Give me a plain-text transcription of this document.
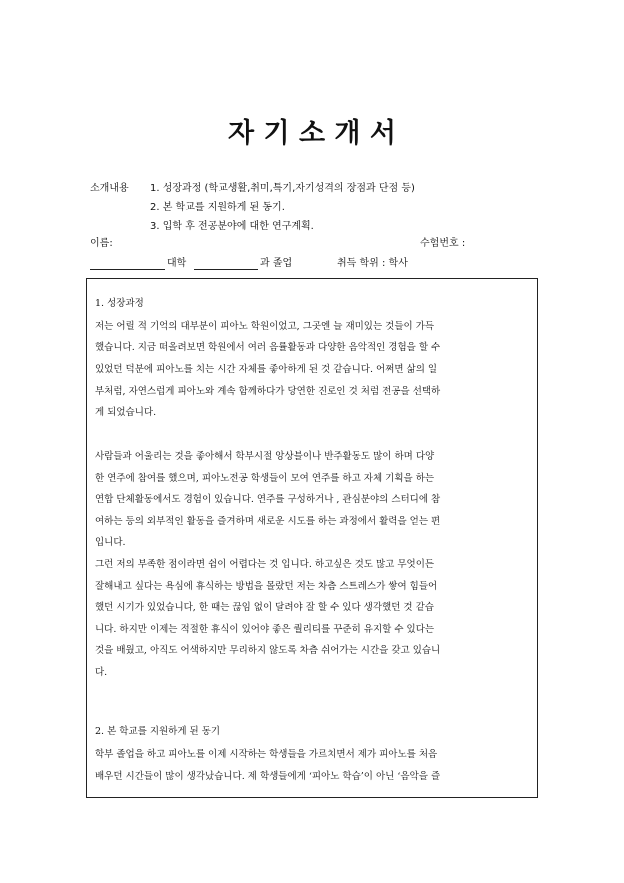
자 기 소 개 서
소개내용 1. 성장과정 (학교생활,취미,특기,자기성격의 장점과 단점 등)
2. 본 학교를 지원하게 된 동기.
3. 입학 후 전공분야에 대한 연구계획.
이름:	수험번호 :
대학	과 졸업	취득 학위 : 학사
1. 성장과정
저는 어릴 적 기억의 대부분이 피아노 학원이었고, 그곳엔 늘 재미있는 것들이 가득
했습니다. 지금 떠올려보면 학원에서 여러 음률활동과 다양한 음악적인 경험을 할 수
있었던 덕분에 피아노를 치는 시간 자체를 좋아하게 된 것 같습니다. 어쩌면 삶의 일
부처럼, 자연스럽게 피아노와 계속 함께하다가 당연한 진로인 것 처럼 전공을 선택하
게 되었습니다.
사람들과 어울리는 것을 좋아해서 학부시절 앙상블이나 반주활동도 많이 하며 다양
한 연주에 참여를 했으며, 피아노전공 학생들이 모여 연주를 하고 자체 기획을 하는
연합 단체활동에서도 경험이 있습니다. 연주를 구성하거나 , 관심분야의 스터디에 참
여하는 등의 외부적인 활동을 즐겨하며 새로운 시도를 하는 과정에서 활력을 얻는 편
입니다.
그런 저의 부족한 점이라면 쉼이 어렵다는 것 입니다. 하고싶은 것도 많고 무엇이든
잘해내고 싶다는 욕심에 휴식하는 방법을 몰랐던 저는 차츰 스트레스가 쌓여 힘들어
했던 시기가 있었습니다, 한 때는 끊임 없이 달려야 잘 할 수 있다 생각했던 것 같습
니다. 하지만 이제는 적절한 휴식이 있어야 좋은 퀄리티를 꾸준히 유지할 수 있다는
것을 배웠고, 아직도 어색하지만 무리하지 않도록 차츰 쉬어가는 시간을 갖고 있습니
다.
2. 본 학교를 지원하게 된 동기
학부 졸업을 하고 피아노를 이제 시작하는 학생들을 가르치면서 제가 피아노를 처음
배우던 시간들이 많이 생각났습니다. 제 학생들에게 ‘피아노 학습’이 아닌 ‘음악을 즐
